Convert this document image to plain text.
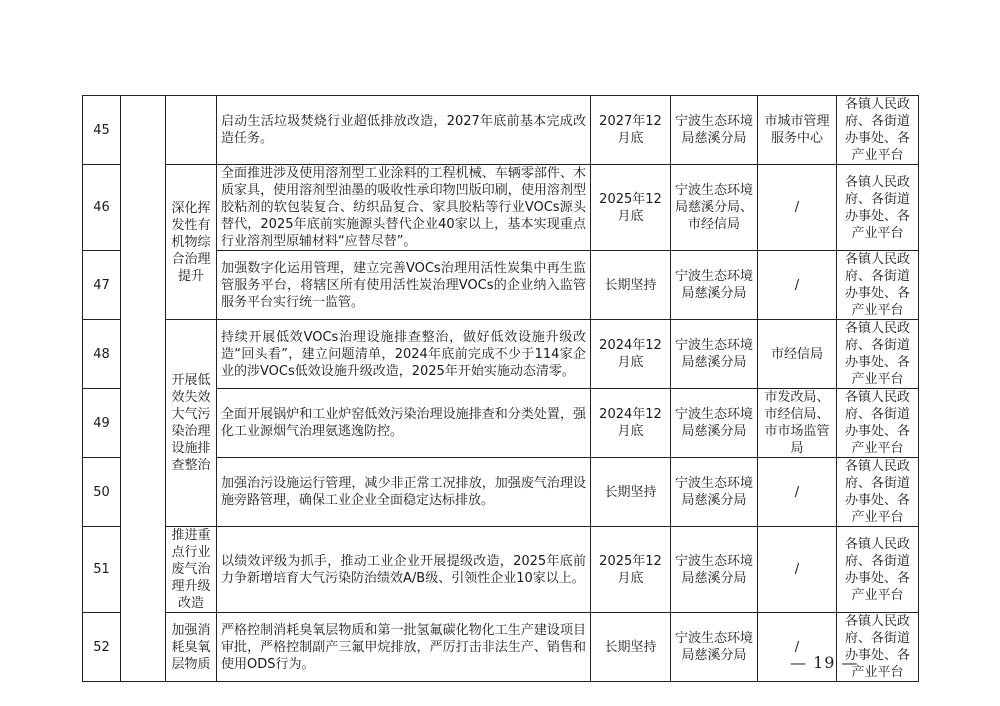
45			启动生活垃圾焚烧行业超低排放改造，2027年底前基本完成改造任务。	2027年12月底	宁波生态环境局慈溪分局	市城市管理服务中心	各镇人民政府、各街道办事处、各产业平台
46		深化挥发性有机物综合治理提升	全面推进涉及使用溶剂型工业涂料的工程机械、车辆零部件、木质家具，使用溶剂型油墨的吸收性承印物凹版印刷，使用溶剂型胶粘剂的软包装复合、纺织品复合、家具胶粘等行业VOCs源头替代，2025年底前实施源头替代企业40家以上，基本实现重点行业溶剂型原辅材料“应替尽替”。	2025年12月底	宁波生态环境局慈溪分局、市经信局	/	各镇人民政府、各街道办事处、各产业平台
47			加强数字化运用管理，建立完善VOCs治理用活性炭集中再生监管服务平台，将辖区所有使用活性炭治理VOCs的企业纳入监管服务平台实行统一监管。	长期坚持	宁波生态环境局慈溪分局	/	各镇人民政府、各街道办事处、各产业平台
48		开展低效失效大气污染治理设施排查整治	持续开展低效VOCs治理设施排查整治，做好低效设施升级改造“回头看”，建立问题清单，2024年底前完成不少于114家企业的涉VOCs低效设施升级改造，2025年开始实施动态清零。	2024年12月底	宁波生态环境局慈溪分局	市经信局	各镇人民政府、各街道办事处、各产业平台
49			全面开展锅炉和工业炉窑低效污染治理设施排查和分类处置，强化工业源烟气治理氨逃逸防控。	2024年12月底	宁波生态环境局慈溪分局	市发改局、市经信局、市市场监管局	各镇人民政府、各街道办事处、各产业平台
50			加强治污设施运行管理，减少非正常工况排放，加强废气治理设施旁路管理，确保工业企业全面稳定达标排放。	长期坚持	宁波生态环境局慈溪分局	/	各镇人民政府、各街道办事处、各产业平台
51		推进重点行业废气治理升级改造	以绩效评级为抓手，推动工业企业开展提级改造，2025年底前力争新增培育大气污染防治绩效A/B级、引领性企业10家以上。	2025年12月底	宁波生态环境局慈溪分局	/	各镇人民政府、各街道办事处、各产业平台
52		加强消耗臭氧层物质	严格控制消耗臭氧层物质和第一批氢氟碳化物化工生产建设项目审批，严格控制副产三氟甲烷排放，严厉打击非法生产、销售和使用ODS行为。	长期坚持	宁波生态环境局慈溪分局	/	各镇人民政府、各街道办事处、各产业平台
— 19 —
